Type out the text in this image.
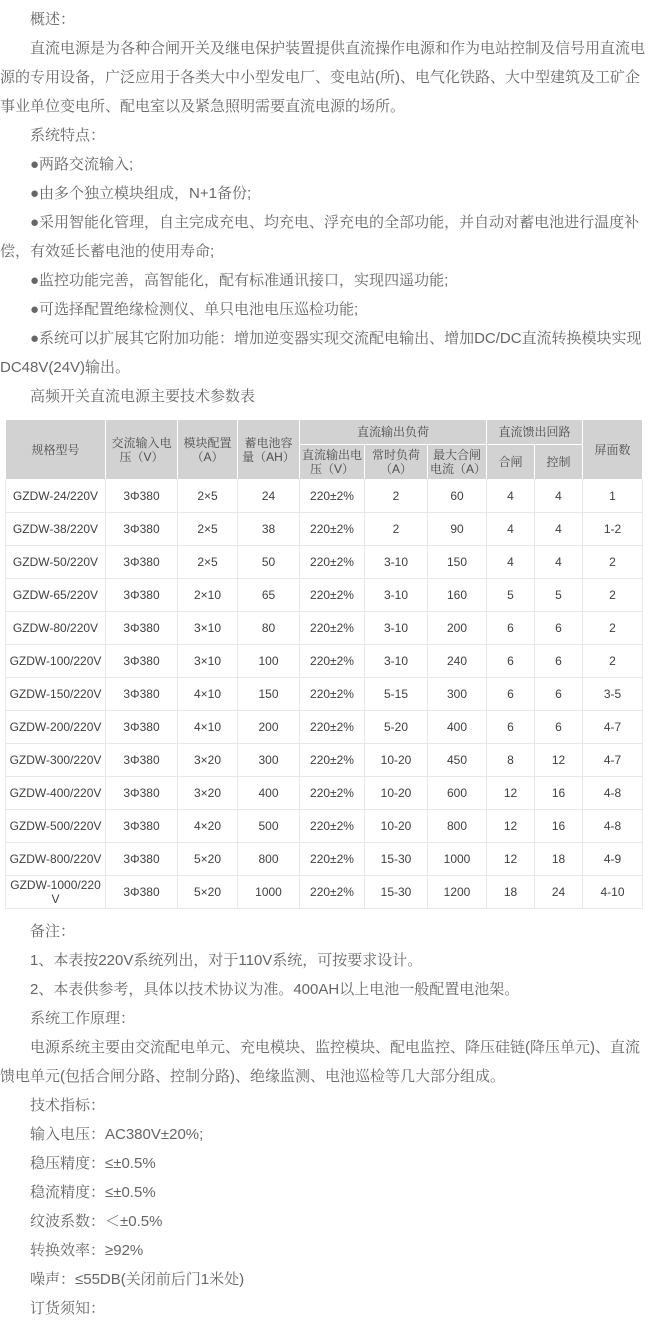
概述：

直流电源是为各种合闸开关及继电保护装置提供直流操作电源和作为电站控制及信号用直流电源的专用设备，广泛应用于各类大中小型发电厂、变电站(所)、电气化铁路、大中型建筑及工矿企事业单位变电所、配电室以及紧急照明需要直流电源的场所。

系统特点：

●两路交流输入;

●由多个独立模块组成，N+1备份;

●采用智能化管理，自主完成充电、均充电、浮充电的全部功能，并自动对蓄电池进行温度补偿，有效延长蓄电池的使用寿命;

●监控功能完善，高智能化，配有标准通讯接口，实现四遥功能;

●可选择配置绝缘检测仪、单只电池电压巡检功能;

●系统可以扩展其它附加功能：增加逆变器实现交流配电输出、增加DC/DC直流转换模块实现DC48V(24V)输出。

高频开关直流电源主要技术参数表

规格型号	交流输入电压（V）	模块配置（A）	蓄电池容量（AH）	直流输出负荷			直流馈出回路		屏面数
				直流输出电压（V）	常时负荷（A）	最大合闸电流（A）	合闸	控制	
GZDW-24/220V	3Φ380	2×5	24	220±2%	2	60	4	4	1
GZDW-38/220V	3Φ380	2×5	38	220±2%	2	90	4	4	1-2
GZDW-50/220V	3Φ380	2×5	50	220±2%	3-10	150	4	4	2
GZDW-65/220V	3Φ380	2×10	65	220±2%	3-10	160	5	5	2
GZDW-80/220V	3Φ380	3×10	80	220±2%	3-10	200	6	6	2
GZDW-100/220V	3Φ380	3×10	100	220±2%	3-10	240	6	6	2
GZDW-150/220V	3Φ380	4×10	150	220±2%	5-15	300	6	6	3-5
GZDW-200/220V	3Φ380	4×10	200	220±2%	5-20	400	6	6	4-7
GZDW-300/220V	3Φ380	3×20	300	220±2%	10-20	450	8	12	4-7
GZDW-400/220V	3Φ380	3×20	400	220±2%	10-20	600	12	16	4-8
GZDW-500/220V	3Φ380	4×20	500	220±2%	10-20	800	12	16	4-8
GZDW-800/220V	3Φ380	5×20	800	220±2%	15-30	1000	12	18	4-9
GZDW-1000/220V	3Φ380	5×20	1000	220±2%	15-30	1200	18	24	4-10

备注：

1、本表按220V系统列出，对于110V系统，可按要求设计。

2、本表供参考，具体以技术协议为准。400AH以上电池一般配置电池架。

系统工作原理：

电源系统主要由交流配电单元、充电模块、监控模块、配电监控、降压硅链(降压单元)、直流馈电单元(包括合闸分路、控制分路)、绝缘监测、电池巡检等几大部分组成。

技术指标：

输入电压：AC380V±20%;

稳压精度：≤±0.5%

稳流精度：≤±0.5%

纹波系数：＜±0.5%

转换效率：≥92%

噪声：≤55DB(关闭前后门1米处)

订货须知：
